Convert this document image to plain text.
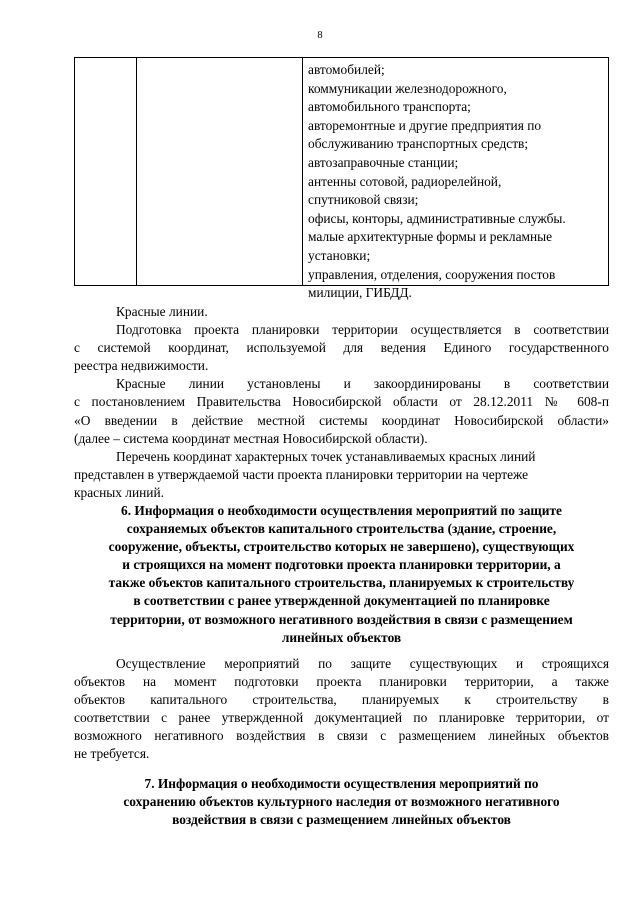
8
автомобилей;
коммуникации железнодорожного,
автомобильного транспорта;
авторемонтные и другие предприятия по
обслуживанию транспортных средств;
автозаправочные станции;
антенны сотовой, радиорелейной,
спутниковой связи;
офисы, конторы, административные службы.
малые архитектурные формы и рекламные
установки;
управления, отделения, сооружения постов
милиции, ГИБДД.
Красные линии.
Подготовка проекта планировки территории осуществляется в соответствии
с системой координат, используемой для ведения Единого государственного
реестра недвижимости.
Красные линии установлены и закоординированы в соответствии
с постановлением Правительства Новосибирской области от 28.12.2011 № 608-п
«О введении в действие местной системы координат Новосибирской области»
(далее – система координат местная Новосибирской области).
Перечень координат характерных точек устанавливаемых красных линий
представлен в утверждаемой части проекта планировки территории на чертеже
красных линий.
6. Информация о необходимости осуществления мероприятий по защите
сохраняемых объектов капитального строительства (здание, строение,
сооружение, объекты, строительство которых не завершено), существующих
и строящихся на момент подготовки проекта планировки территории, а
также объектов капитального строительства, планируемых к строительству
в соответствии с ранее утвержденной документацией по планировке
территории, от возможного негативного воздействия в связи с размещением
линейных объектов
Осуществление мероприятий по защите существующих и строящихся
объектов на момент подготовки проекта планировки территории, а также
объектов капитального строительства, планируемых к строительству в
соответствии с ранее утвержденной документацией по планировке территории, от
возможного негативного воздействия в связи с размещением линейных объектов
не требуется.
7. Информация о необходимости осуществления мероприятий по
сохранению объектов культурного наследия от возможного негативного
воздействия в связи с размещением линейных объектов
